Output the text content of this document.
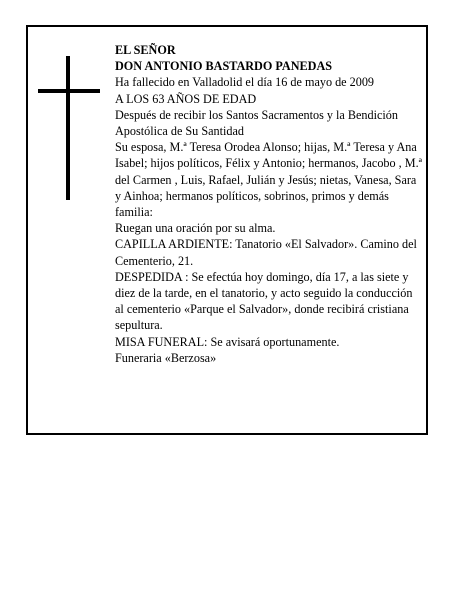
EL SEÑOR

DON ANTONIO BASTARDO PANEDAS

Ha fallecido en Valladolid el día 16 de mayo de 2009

A LOS 63 AÑOS DE EDAD

Después de recibir los Santos Sacramentos y la Bendición Apostólica de Su Santidad

Su esposa, M.ª Teresa Orodea Alonso; hijas, M.ª Teresa y Ana Isabel; hijos políticos, Félix y Antonio; hermanos, Jacobo , M.ª del Carmen , Luis, Rafael, Julián y Jesús; nietas, Vanesa, Sara y Ainhoa; hermanos políticos, sobrinos, primos y demás familia:

Ruegan una oración por su alma.

CAPILLA ARDIENTE: Tanatorio «El Salvador». Camino del Cementerio, 21.

DESPEDIDA : Se efectúa hoy domingo, día 17, a las siete y diez de la tarde, en el tanatorio, y acto seguido la conducción al cementerio «Parque el Salvador», donde recibirá cristiana sepultura.

MISA FUNERAL: Se avisará oportunamente.

Funeraria «Berzosa»
